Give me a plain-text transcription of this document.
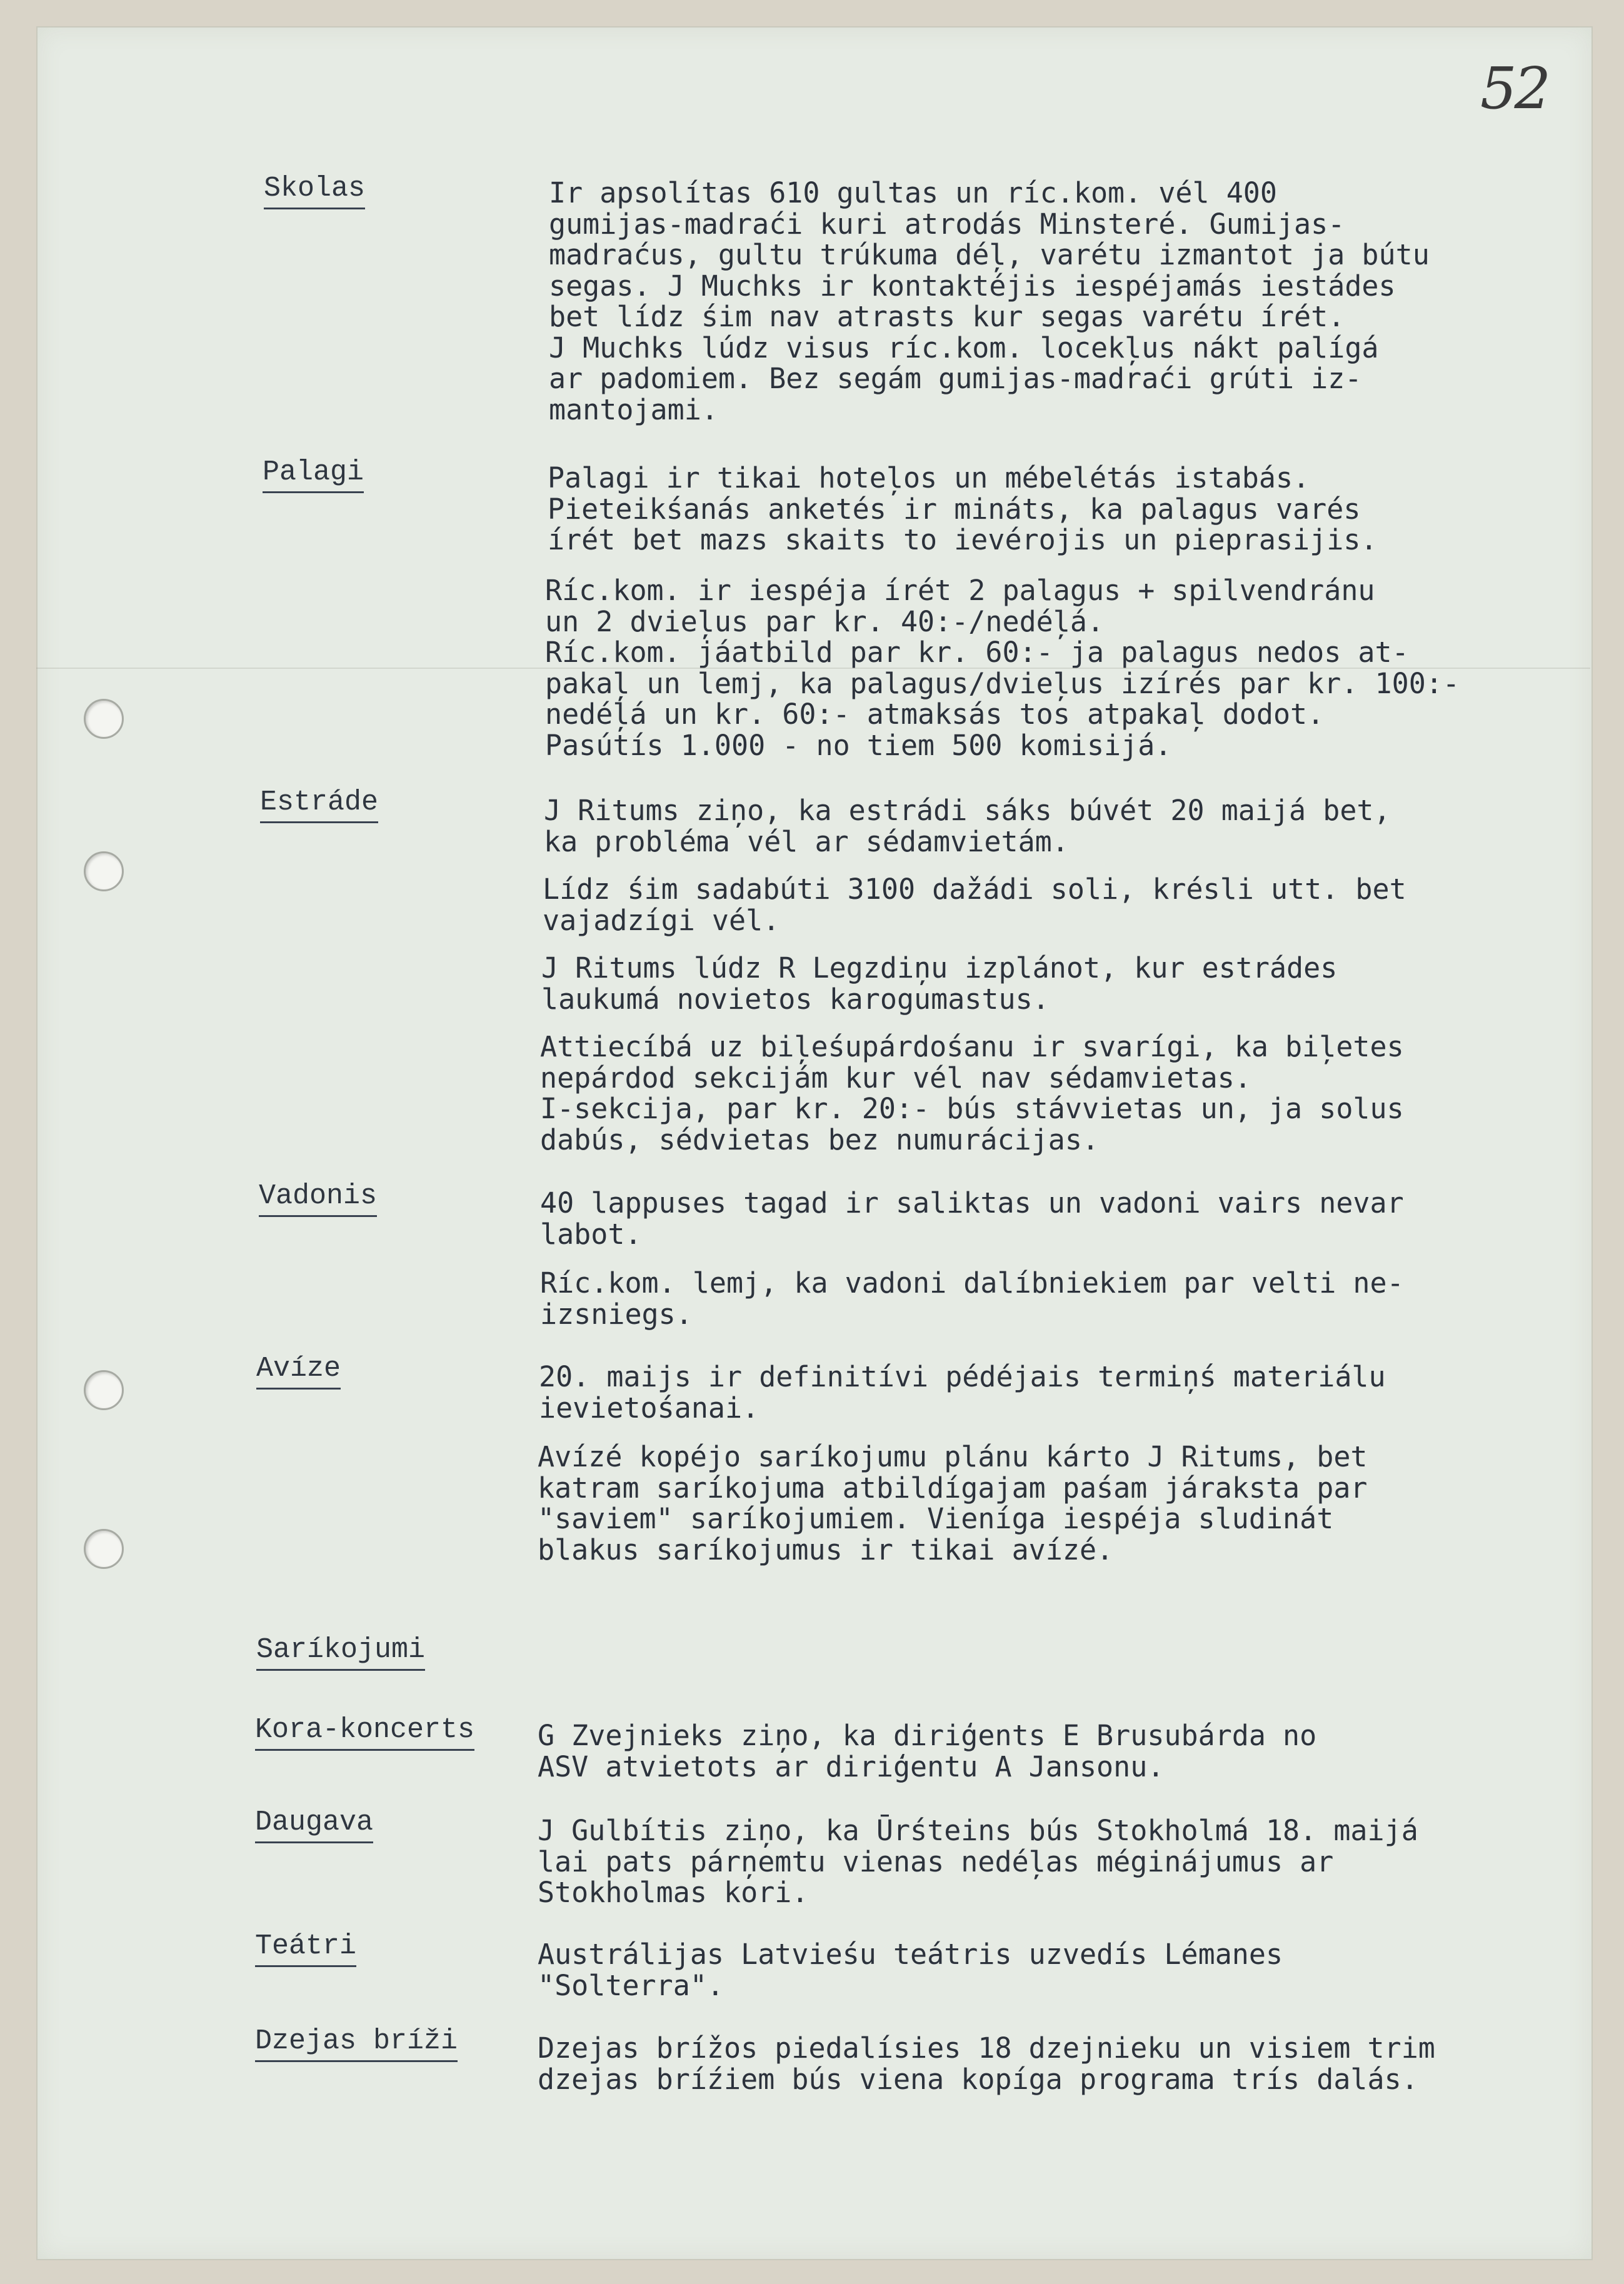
52
Skolas	Ir apsolítas 610 gultas un ríc.kom. vél 400
gumijas-madraći kuri atrodás Minsteré. Gumijas-
madraćus, gultu trúkuma déļ, varétu izmantot ja bútu
segas. J Muchks ir kontaktéjis iespéjamás iestádes
bet lídz śim nav atrasts kur segas varétu írét.
J Muchks lúdz visus ríc.kom. locekļus nákt palígá
ar padomiem. Bez segám gumijas-madraći grúti iz-
mantojami.
Palagi	Palagi ir tikai hoteļos un mébelétás istabás.
Pieteikśanás anketés ir mináts, ka palagus varés
írét bet mazs skaits to ievérojis un pieprasijis.
Ríc.kom. ir iespéja írét 2 palagus + spilvendránu
un 2 dvieļus par kr. 40:-/nedéļá.
Ríc.kom. jáatbild par kr. 60:- ja palagus nedos at-
pakaļ un lemj, ka palagus/dvieļus izírés par kr. 100:-
nedéļá un kr. 60:- atmaksás tos atpakaļ dodot.
Pasútís 1.000 - no tiem 500 komisijá.
Estráde	J Ritums ziņo, ka estrádi sáks búvét 20 maijá bet,
ka probléma vél ar sédamvietám.
Lídz śim sadabúti 3100 dažádi soli, krésli utt. bet
vajadzígi vél.
J Ritums lúdz R Legzdiņu izplánot, kur estrádes
laukumá novietos karogumastus.
Attiecíbá uz biļeśupárdośanu ir svarígi, ka biļetes
nepárdod sekcijám kur vél nav sédamvietas.
I-sekcija, par kr. 20:- bús stávvietas un, ja solus
dabús, sédvietas bez numurácijas.
Vadonis	40 lappuses tagad ir saliktas un vadoni vairs nevar
labot.
Ríc.kom. lemj, ka vadoni dalíbniekiem par velti ne-
izsniegs.
Avíze	20. maijs ir definitívi pédéjais termiņś materiálu
ievietośanai.
Avízé kopéjo saríkojumu plánu kárto J Ritums, bet
katram saríkojuma atbildígajam paśam járaksta par
"saviem" saríkojumiem. Vieníga iespéja sludinát
blakus saríkojumus ir tikai avízé.
Saríkojumi
Kora-koncerts G Zvejnieks ziņo, ka diriģents E Brusubárda no
ASV atvietots ar diriģentu A Jansonu.
Daugava	J Gulbítis ziņo, ka Ūrśteins bús Stokholmá 18. maijá
lai pats párņemtu vienas nedéļas méginájumus ar
Stokholmas kori.
Teátri	Austrálijas Latvieśu teátris uzvedís Lémanes
"Solterra".
Dzejas bríži	Dzejas brížos piedalísies 18 dzejnieku un visiem trim
dzejas bríźiem bús viena kopíga programa trís dalás.
